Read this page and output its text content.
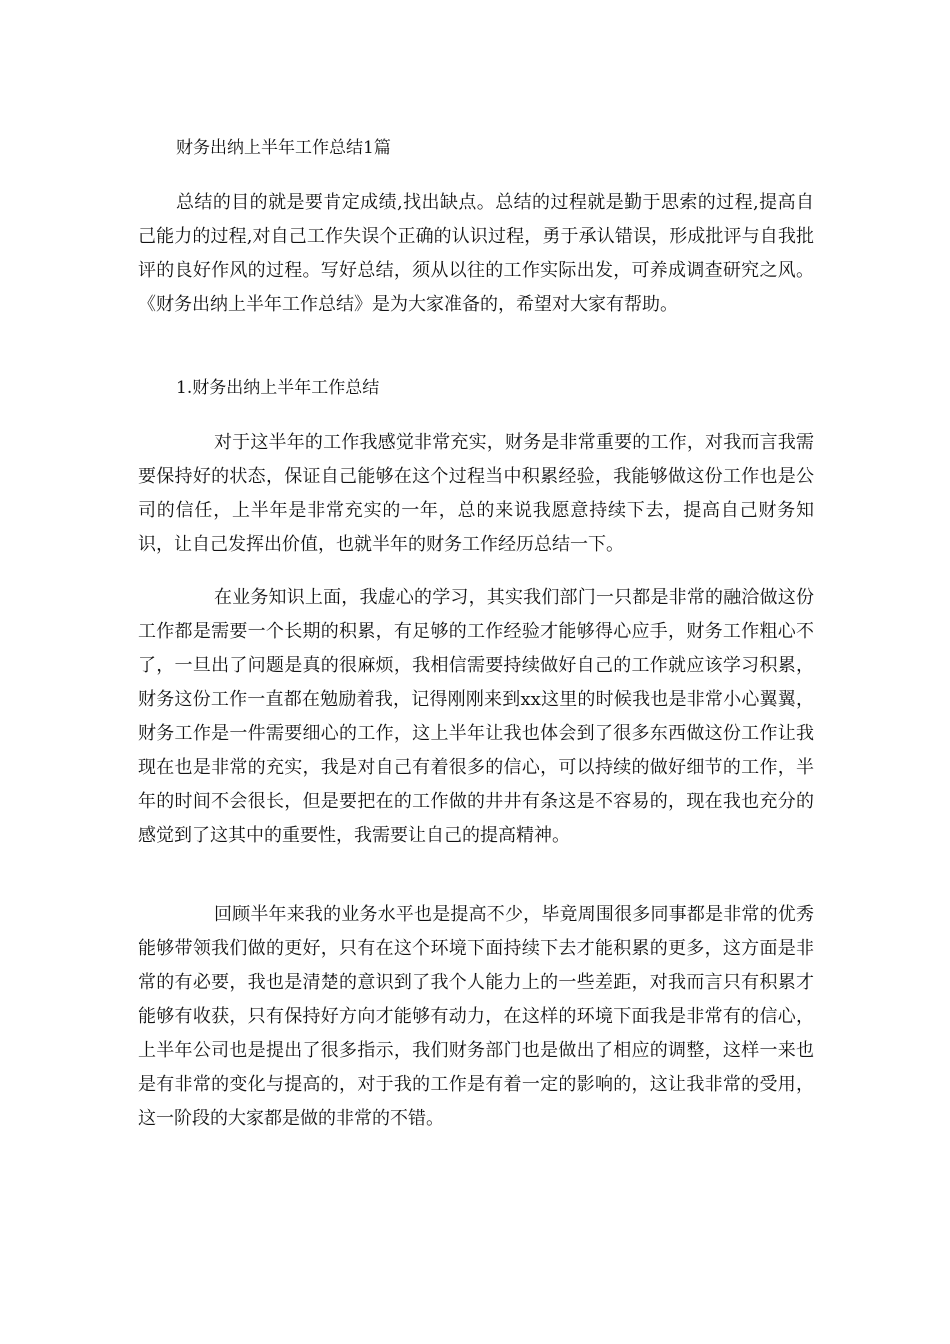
财务出纳上半年工作总结1篇

总结的目的就是要肯定成绩,找出缺点。总结的过程就是勤于思索的过程,提高自己能力的过程,对自己工作失误个正确的认识过程，勇于承认错误，形成批评与自我批评的良好作风的过程。写好总结，须从以往的工作实际出发，可养成调查研究之风。《财务出纳上半年工作总结》是为大家准备的，希望对大家有帮助。

1.财务出纳上半年工作总结

对于这半年的工作我感觉非常充实，财务是非常重要的工作，对我而言我需要保持好的状态，保证自己能够在这个过程当中积累经验，我能够做这份工作也是公司的信任，上半年是非常充实的一年，总的来说我愿意持续下去，提高自己财务知识，让自己发挥出价值，也就半年的财务工作经历总结一下。

在业务知识上面，我虚心的学习，其实我们部门一只都是非常的融洽做这份工作都是需要一个长期的积累，有足够的工作经验才能够得心应手，财务工作粗心不了，一旦出了问题是真的很麻烦，我相信需要持续做好自己的工作就应该学习积累，财务这份工作一直都在勉励着我，记得刚刚来到xx这里的时候我也是非常小心翼翼，财务工作是一件需要细心的工作，这上半年让我也体会到了很多东西做这份工作让我现在也是非常的充实，我是对自己有着很多的信心，可以持续的做好细节的工作，半年的时间不会很长，但是要把在的工作做的井井有条这是不容易的，现在我也充分的感觉到了这其中的重要性，我需要让自己的提高精神。

回顾半年来我的业务水平也是提高不少，毕竟周围很多同事都是非常的优秀能够带领我们做的更好，只有在这个环境下面持续下去才能积累的更多，这方面是非常的有必要，我也是清楚的意识到了我个人能力上的一些差距，对我而言只有积累才能够有收获，只有保持好方向才能够有动力，在这样的环境下面我是非常有的信心，上半年公司也是提出了很多指示，我们财务部门也是做出了相应的调整，这样一来也是有非常的变化与提高的，对于我的工作是有着一定的影响的，这让我非常的受用，这一阶段的大家都是做的非常的不错。
